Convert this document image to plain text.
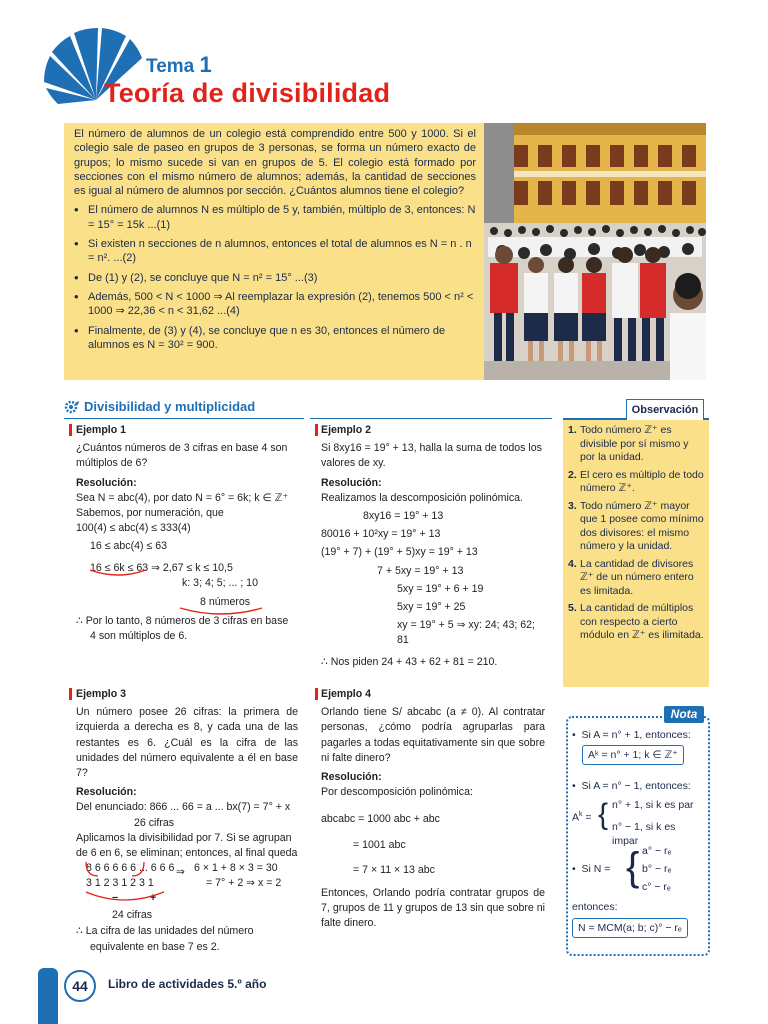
Tema 1
Teoría de divisibilidad

El número de alumnos de un colegio está comprendido entre 500 y 1000. Si el colegio sale de paseo en grupos de 3 personas, se forma un número exacto de grupos; lo mismo sucede si van en grupos de 5. El colegio está formado por secciones con el mismo número de alumnos; además, la cantidad de secciones es igual al número de alumnos por sección. ¿Cuántos alumnos tiene el colegio?

• El número de alumnos N es múltiplo de 5 y, también, múltiplo de 3, entonces: N = 15° = 15k ...(1)
• Si existen n secciones de n alumnos, entonces el total de alumnos es N = n . n = n². ...(2)
• De (1) y (2), se concluye que N = n² = 15° ...(3)
• Además, 500 < N < 1000 ⇒ Al reemplazar la expresión (2), tenemos 500 < n² < 1000 ⇒ 22,36 < n < 31,62 ...(4)
• Finalmente, de (3) y (4), se concluye que n es 30, entonces el número de alumnos es N = 30² = 900.
Divisibilidad y multiplicidad

Ejemplo 1

¿Cuántos números de 3 cifras en base 4 son múltiplos de 6?

Resolución:

Sea N = abc(4), por dato N = 6° = 6k; k ∈ ℤ⁺

Sabemos, por numeración, que

100(4) ≤ abc(4) ≤ 333(4)

16 ≤ abc(4) ≤ 63

16 ≤ 6k ≤ 63 ⇒ 2,67 ≤ k ≤ 10,5

k: 3; 4; 5; ... ; 10

8 números

∴ Por lo tanto, 8 números de 3 cifras en base 4 son múltiplos de 6.

Ejemplo 2

Si 8xy16 = 19° + 13, halla la suma de todos los valores de xy.

Resolución:

Realizamos la descomposición polinómica.

8xy16 = 19° + 13

80016 + 10²xy = 19° + 13

(19° + 7) + (19° + 5)xy = 19° + 13

7 + 5xy = 19° + 13

5xy = 19° + 6 + 19

5xy = 19° + 25

xy = 19° + 5 ⇒ xy: 24; 43; 62; 81

∴ Nos piden 24 + 43 + 62 + 81 = 210.

Ejemplo 3

Un número posee 26 cifras: la primera de izquierda a derecha es 8, y cada una de las restantes es 6. ¿Cuál es la cifra de las unidades del número equivalente a él en base 7?

Resolución:

Del enunciado: 866 ... 66 = a ... bx(7) = 7° + x

26 cifras

Aplicamos la divisibilidad por 7. Si se agrupan de 6 en 6, se eliminan; entonces, al final queda

8 6 6 6 6 6 ... 6 6 6

3 1 2 3 1 2 3 1

⇒ 6 × 1 + 8 × 3 = 30

= 7° + 2 ⇒ x = 2

−	+

24 cifras

∴ La cifra de las unidades del número equivalente en base 7 es 2.

Ejemplo 4

Orlando tiene S/ abcabc (a ≠ 0). Al contratar personas, ¿cómo podría agruparlas para pagarles a todas equitativamente sin que sobre ni falte dinero?

Resolución:

Por descomposición polinómica:

abcabc = 1000 abc + abc

= 1001 abc

= 7 × 11 × 13 abc

Entonces, Orlando podría contratar grupos de 7, grupos de 11 y grupos de 13 sin que sobre ni falte dinero.

Observación
1. Todo número ℤ⁺ es divisible por sí mismo y por la unidad.
2. El cero es múltiplo de todo número ℤ⁺.
3. Todo número ℤ⁺ mayor que 1 posee como mínimo dos divisores: el mismo número y la unidad.
4. La cantidad de divisores ℤ⁺ de un número entero es limitada.
5. La cantidad de múltiplos con respecto a cierto módulo en ℤ⁺ es ilimitada.
Nota
•  Si A = n° + 1, entonces:
Aᵏ = n° + 1; k ∈ ℤ⁺
•  Si A = n° − 1, entonces:
$A^k$ = { n° + 1, si k es par
n° − 1, si k es impar
•  Si N = { a° − rₑ
b° − rₑ
c° − rₑ
entonces:
N = MCM(a; b; c)° − rₑ
44	Libro de actividades 5.º año
